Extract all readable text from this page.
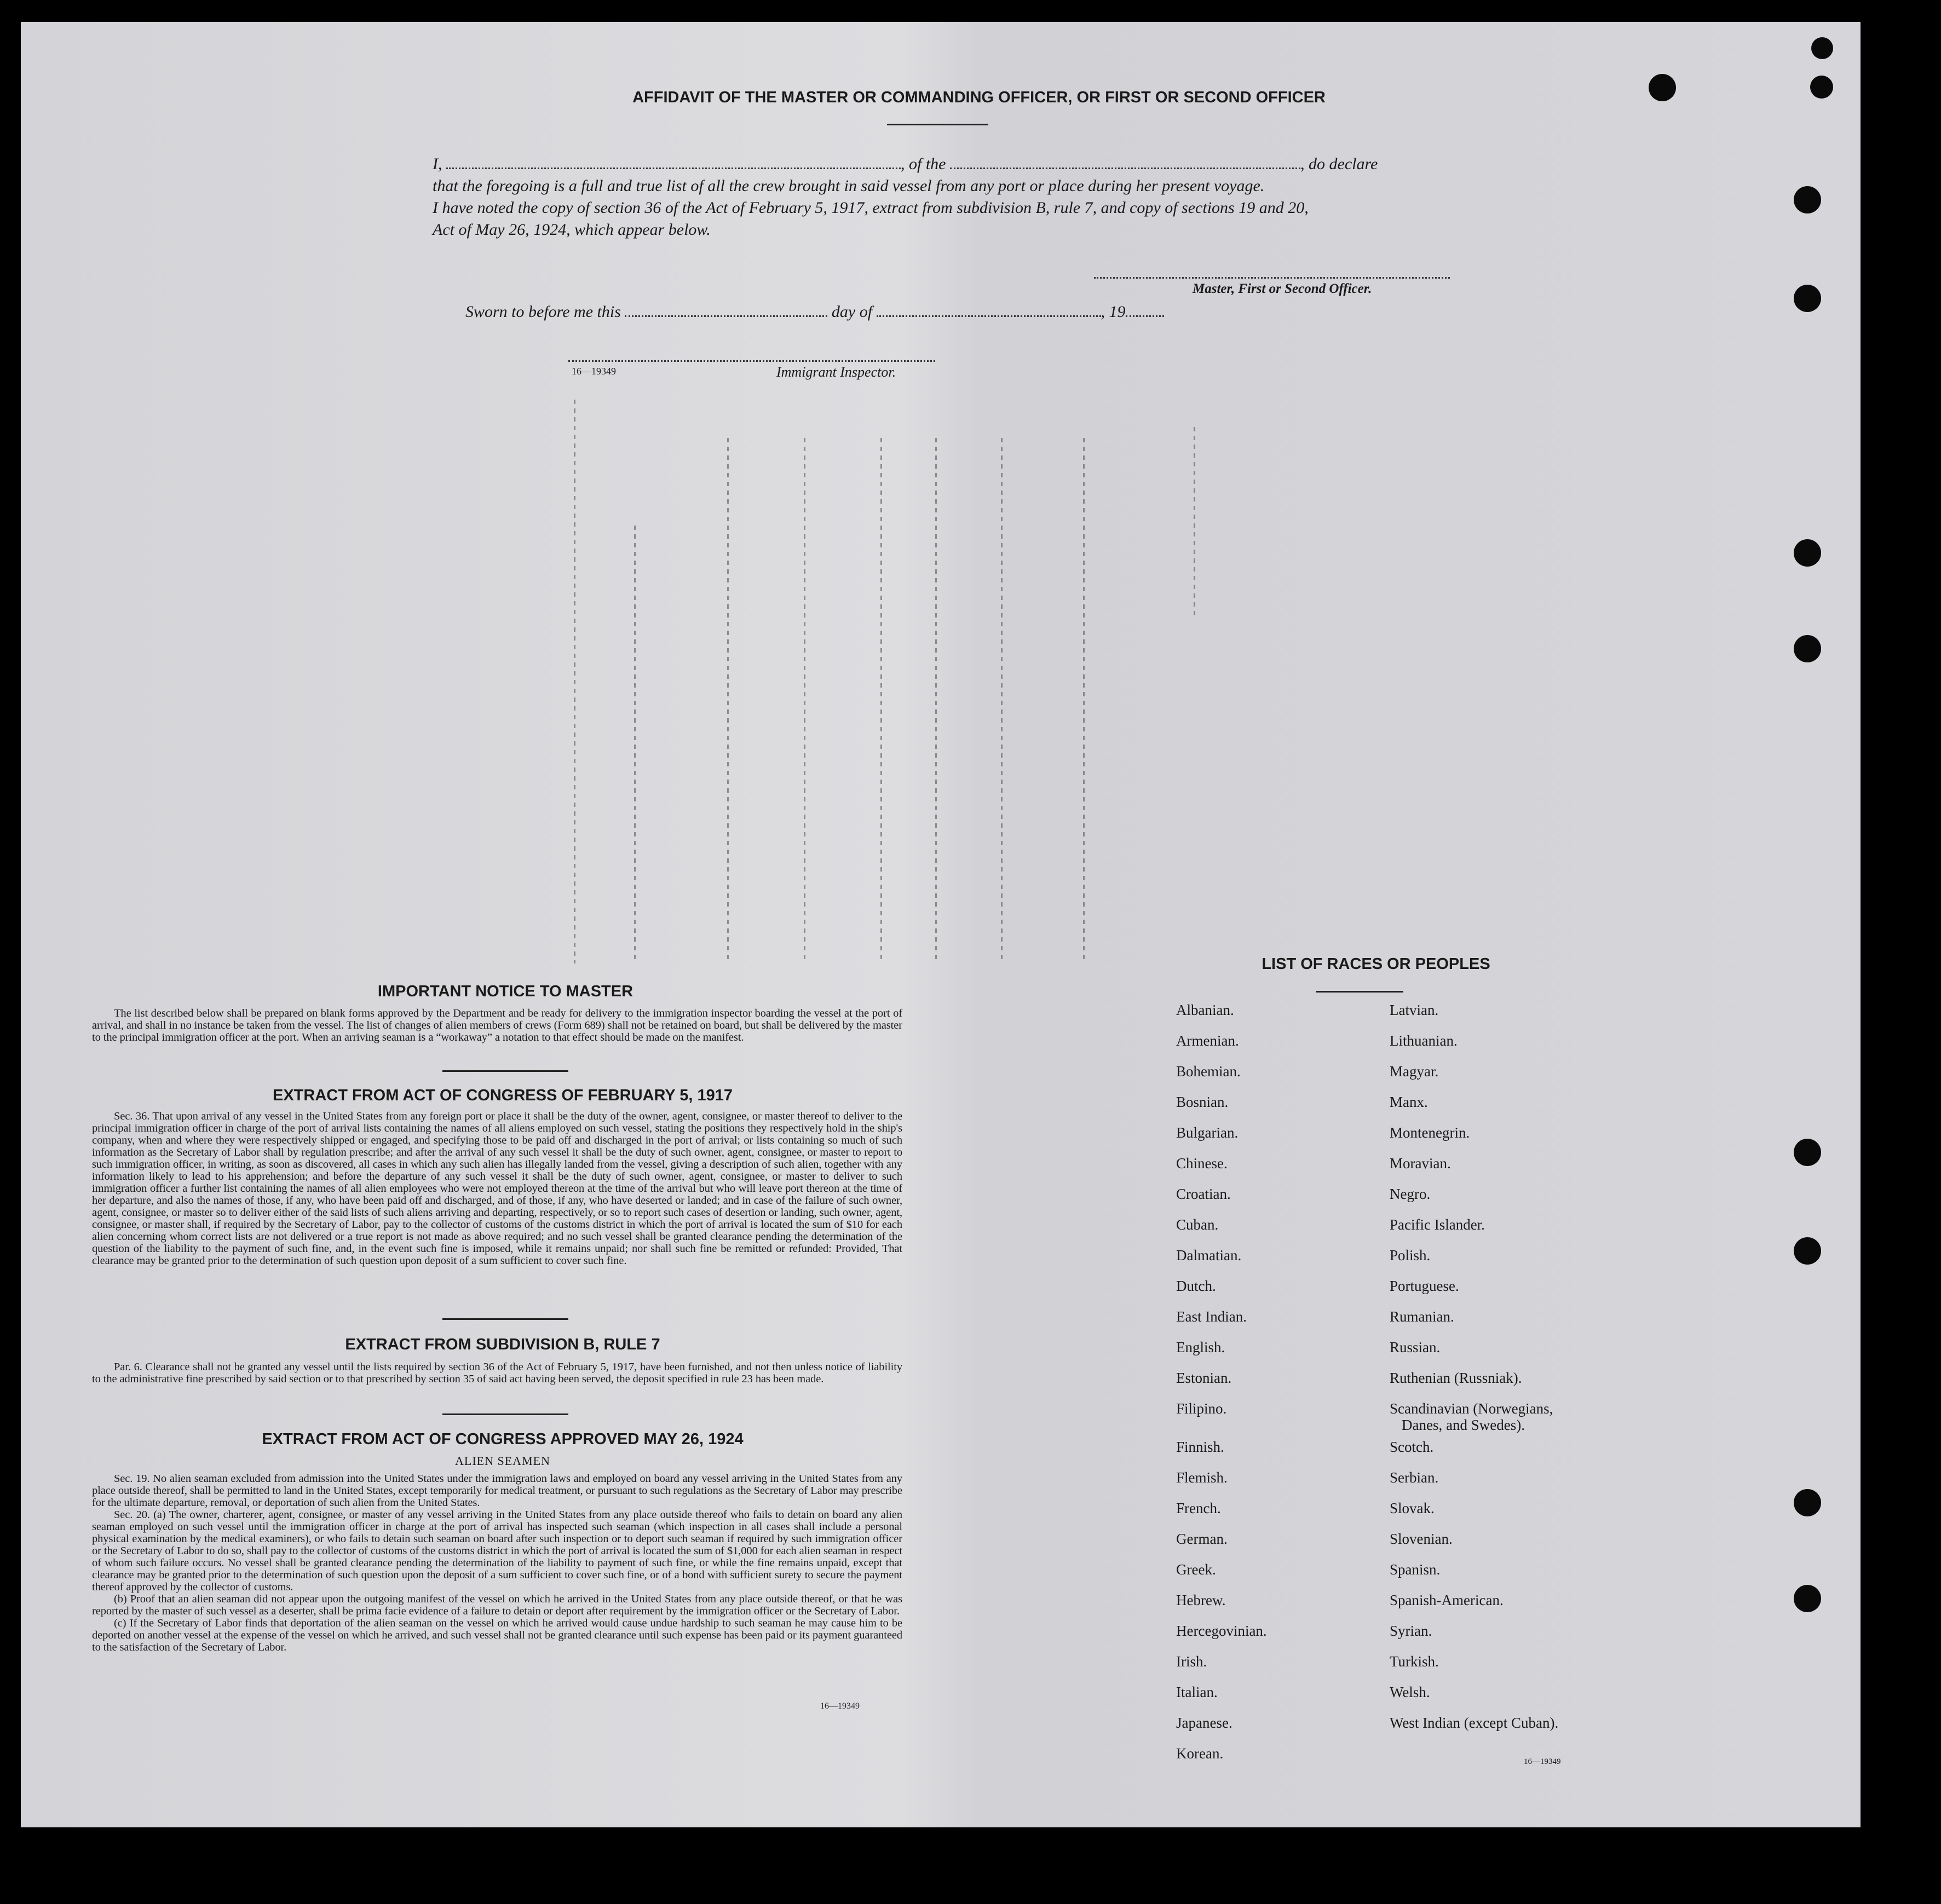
AFFIDAVIT OF THE MASTER OR COMMANDING OFFICER, OR FIRST OR SECOND OFFICER
I,	, of the	, do declare
that the foregoing is a full and true list of all the crew brought in said vessel from any port or place during her present voyage.
I have noted the copy of section 36 of the Act of February 5, 1917, extract from subdivision B, rule 7, and copy of sections 19 and 20,
Act of May 26, 1924, which appear below.
Master, First or Second Officer.
Sworn to before me this	day of	, 19
16—19349	Immigrant Inspector.
IMPORTANT NOTICE TO MASTER

The list described below shall be prepared on blank forms approved by the Department and be ready for delivery to the immigration inspector boarding the vessel at the port of arrival, and shall in no instance be taken from the vessel. The list of changes of alien members of crews (Form 689) shall not be retained on board, but shall be delivered by the master to the principal immigration officer at the port. When an arriving seaman is a “workaway” a notation to that effect should be made on the manifest.

EXTRACT FROM ACT OF CONGRESS OF FEBRUARY 5, 1917

Sec. 36. That upon arrival of any vessel in the United States from any foreign port or place it shall be the duty of the owner, agent, consignee, or master thereof to deliver to the principal immigration officer in charge of the port of arrival lists containing the names of all aliens employed on such vessel, stating the positions they respectively hold in the ship's company, when and where they were respectively shipped or engaged, and specifying those to be paid off and discharged in the port of arrival; or lists containing so much of such information as the Secretary of Labor shall by regulation prescribe; and after the arrival of any such vessel it shall be the duty of such owner, agent, consignee, or master to report to such immigration officer, in writing, as soon as discovered, all cases in which any such alien has illegally landed from the vessel, giving a description of such alien, together with any information likely to lead to his apprehension; and before the departure of any such vessel it shall be the duty of such owner, agent, consignee, or master to deliver to such immigration officer a further list containing the names of all alien employees who were not employed thereon at the time of the arrival but who will leave port thereon at the time of her departure, and also the names of those, if any, who have been paid off and discharged, and of those, if any, who have deserted or landed; and in case of the failure of such owner, agent, consignee, or master so to deliver either of the said lists of such aliens arriving and departing, respectively, or so to report such cases of desertion or landing, such owner, agent, consignee, or master shall, if required by the Secretary of Labor, pay to the collector of customs of the customs district in which the port of arrival is located the sum of $10 for each alien concerning whom correct lists are not delivered or a true report is not made as above required; and no such vessel shall be granted clearance pending the determination of the question of the liability to the payment of such fine, and, in the event such fine is imposed, while it remains unpaid; nor shall such fine be remitted or refunded: Provided, That clearance may be granted prior to the determination of such question upon deposit of a sum sufficient to cover such fine.

EXTRACT FROM SUBDIVISION B, RULE 7

Par. 6. Clearance shall not be granted any vessel until the lists required by section 36 of the Act of February 5, 1917, have been furnished, and not then unless notice of liability to the administrative fine prescribed by said section or to that prescribed by section 35 of said act having been served, the deposit specified in rule 23 has been made.

EXTRACT FROM ACT OF CONGRESS APPROVED MAY 26, 1924
ALIEN SEAMEN

Sec. 19. No alien seaman excluded from admission into the United States under the immigration laws and employed on board any vessel arriving in the United States from any place outside thereof, shall be permitted to land in the United States, except temporarily for medical treatment, or pursuant to such regulations as the Secretary of Labor may prescribe for the ultimate departure, removal, or deportation of such alien from the United States.

Sec. 20. (a) The owner, charterer, agent, consignee, or master of any vessel arriving in the United States from any place outside thereof who fails to detain on board any alien seaman employed on such vessel until the immigration officer in charge at the port of arrival has inspected such seaman (which inspection in all cases shall include a personal physical examination by the medical examiners), or who fails to detain such seaman on board after such inspection or to deport such seaman if required by such immigration officer or the Secretary of Labor to do so, shall pay to the collector of customs of the customs district in which the port of arrival is located the sum of $1,000 for each alien seaman in respect of whom such failure occurs. No vessel shall be granted clearance pending the determination of the liability to payment of such fine, or while the fine remains unpaid, except that clearance may be granted prior to the determination of such question upon the deposit of a sum sufficient to cover such fine, or of a bond with sufficient surety to secure the payment thereof approved by the collector of customs.

(b) Proof that an alien seaman did not appear upon the outgoing manifest of the vessel on which he arrived in the United States from any place outside thereof, or that he was reported by the master of such vessel as a deserter, shall be prima facie evidence of a failure to detain or deport after requirement by the immigration officer or the Secretary of Labor.

(c) If the Secretary of Labor finds that deportation of the alien seaman on the vessel on which he arrived would cause undue hardship to such seaman he may cause him to be deported on another vessel at the expense of the vessel on which he arrived, and such vessel shall not be granted clearance until such expense has been paid or its payment guaranteed to the satisfaction of the Secretary of Labor.

16—19349
LIST OF RACES OR PEOPLES
16—19349
Albanian.
Armenian.
Bohemian.
Bosnian.
Bulgarian.
Chinese.
Croatian.
Cuban.
Dalmatian.
Dutch.
East Indian.
English.
Estonian.
Filipino.
Finnish.
Flemish.
French.
German.
Greek.
Hebrew.
Hercegovinian.
Irish.
Italian.
Japanese.
Korean.
Latvian.
Lithuanian.
Magyar.
Manx.
Montenegrin.
Moravian.
Negro.
Pacific Islander.
Polish.
Portuguese.
Rumanian.
Russian.
Ruthenian (Russniak).
Scandinavian (Norwegians,
Danes, and Swedes).
Scotch.
Serbian.
Slovak.
Slovenian.
Spanisn.
Spanish-American.
Syrian.
Turkish.
Welsh.
West Indian (except Cuban).
